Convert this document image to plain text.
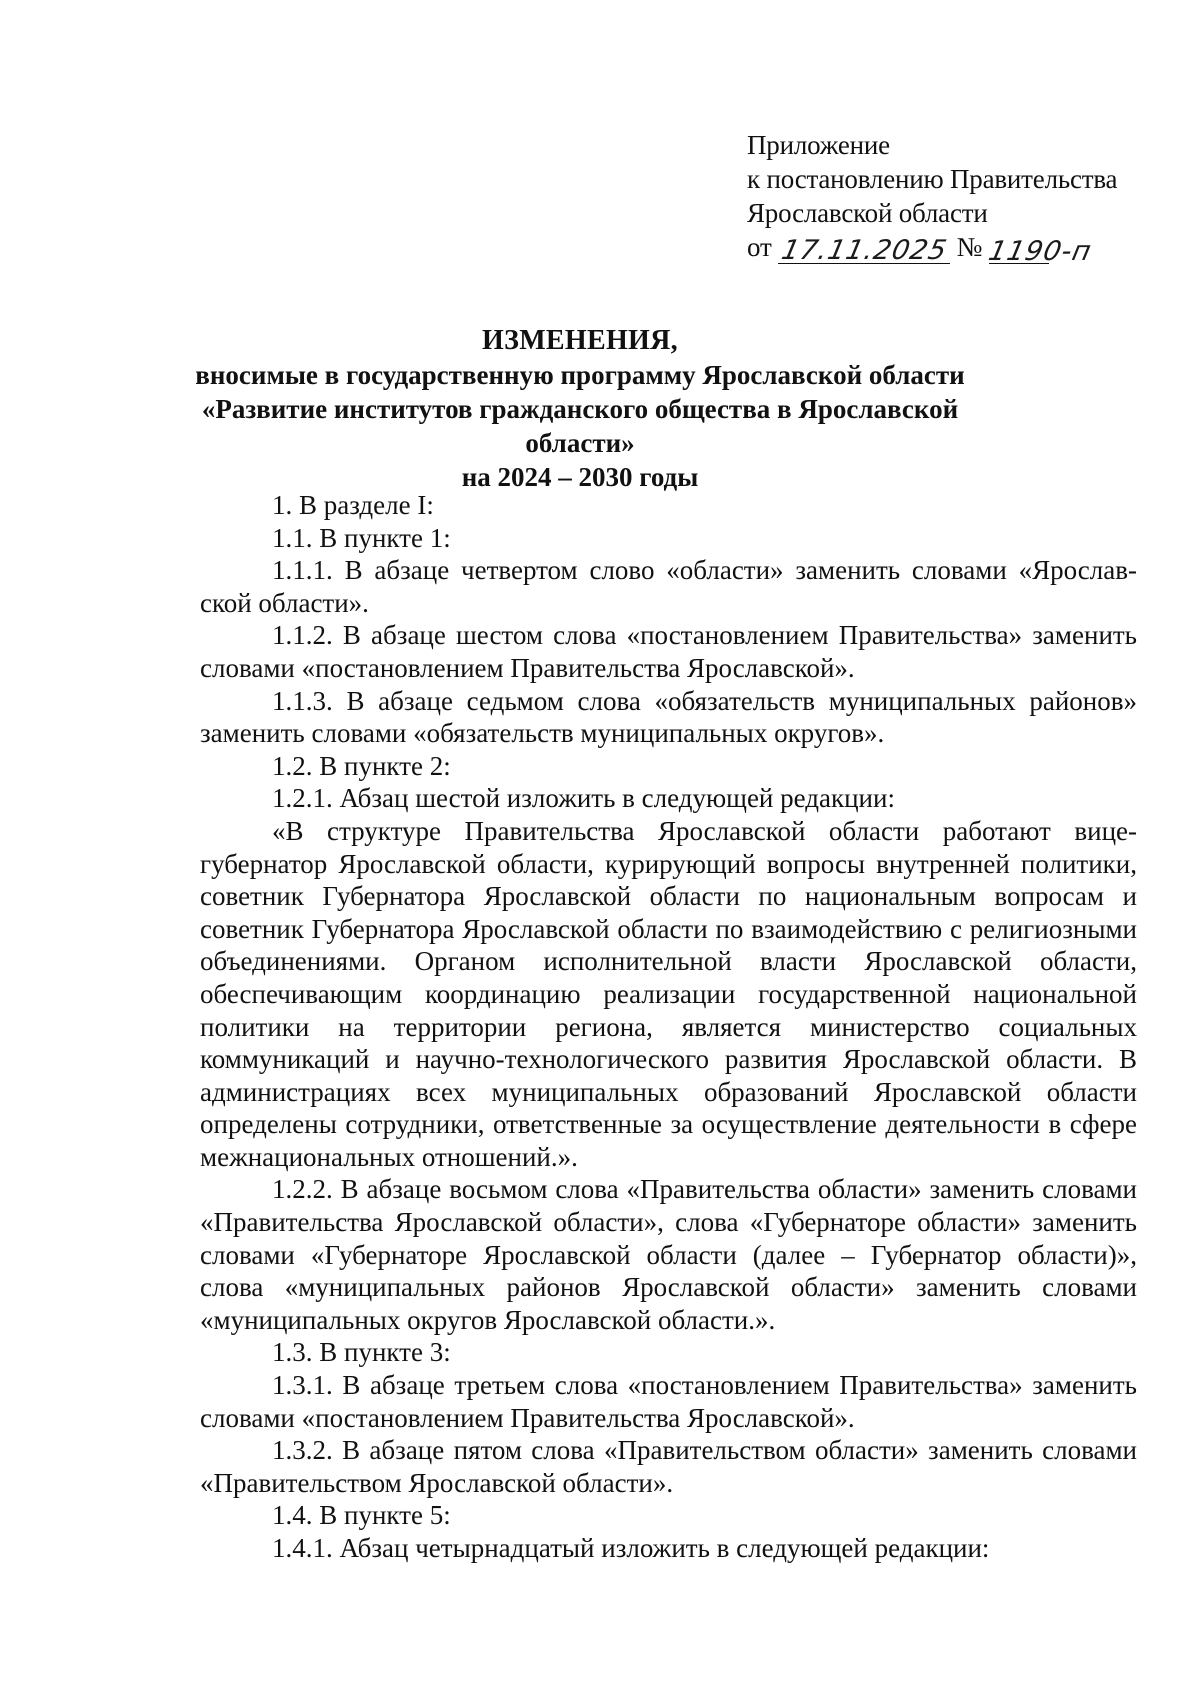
Приложение
к постановлению Правительства
Ярославской области
от 17.11.2025 № 1190-п
ИЗМЕНЕНИЯ,
вносимые в государственную программу Ярославской области
«Развитие институтов гражданского общества в Ярославской области»
на 2024 – 2030 годы

1. В разделе I:

1.1. В пункте 1:

1.1.1. В абзаце четвертом слово «области» заменить словами «Ярославской области».

1.1.2. В абзаце шестом слова «постановлением Правительства» заменить словами «постановлением Правительства Ярославской».

1.1.3. В абзаце седьмом слова «обязательств муниципальных районов» заменить словами «обязательств муниципальных округов».

1.2. В пункте 2:

1.2.1. Абзац шестой изложить в следующей редакции:

«В структуре Правительства Ярославской области работают вице-губернатор Ярославской области, курирующий вопросы внутренней политики, советник Губернатора Ярославской области по национальным вопросам и советник Губернатора Ярославской области по взаимодействию с религиозными объединениями. Органом исполнительной власти Ярославской области, обеспечивающим координацию реализации государственной национальной политики на территории региона, является министерство социальных коммуникаций и научно-технологического развития Ярославской области. В администрациях всех муниципальных образований Ярославской области определены сотрудники, ответственные за осуществление деятельности в сфере межнациональных отношений.».

1.2.2. В абзаце восьмом слова «Правительства области» заменить словами «Правительства Ярославской области», слова «Губернаторе области» заменить словами «Губернаторе Ярославской области (далее – Губернатор области)», слова «муниципальных районов Ярославской области» заменить словами «муниципальных округов Ярославской области.».

1.3. В пункте 3:

1.3.1. В абзаце третьем слова «постановлением Правительства» заменить словами «постановлением Правительства Ярославской».

1.3.2. В абзаце пятом слова «Правительством области» заменить словами «Правительством Ярославской области».

1.4. В пункте 5:

1.4.1. Абзац четырнадцатый изложить в следующей редакции:
